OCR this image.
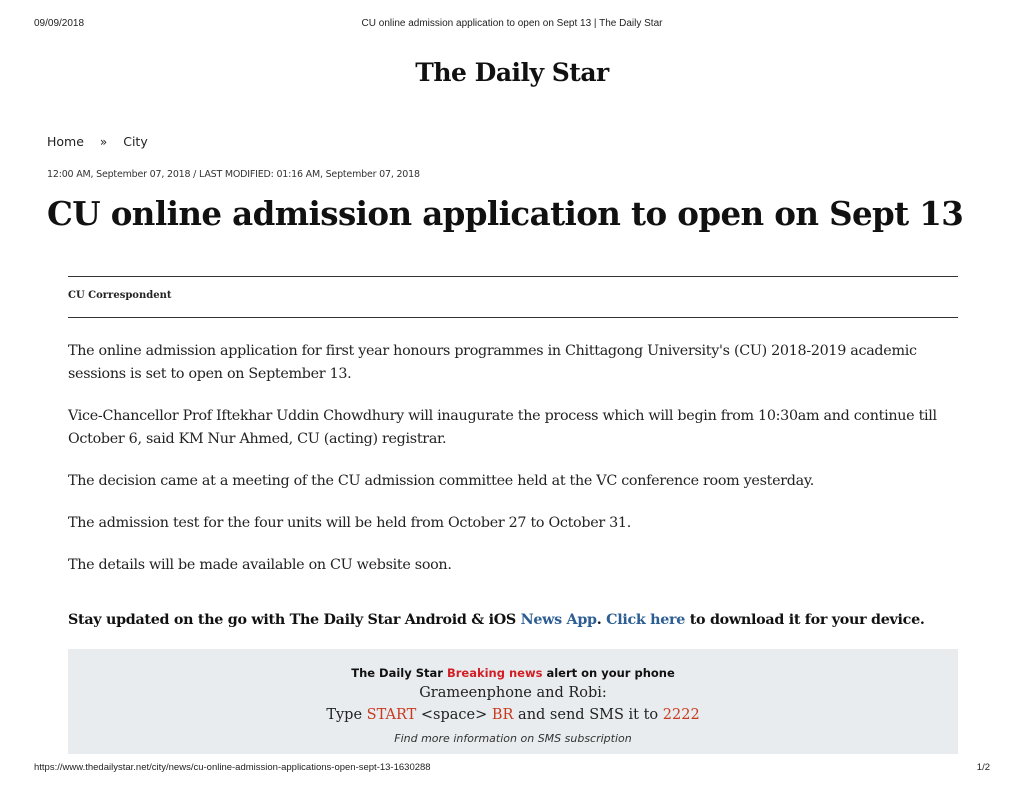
09/09/2018	CU online admission application to open on Sept 13 | The Daily Star
The Daily Star
Home » City
12:00 AM, September 07, 2018 / LAST MODIFIED: 01:16 AM, September 07, 2018
CU online admission application to open on Sept 13
CU Correspondent

The online admission application for first year honours programmes in Chittagong University's (CU) 2018-2019 academic sessions is set to open on September 13.

Vice-Chancellor Prof Iftekhar Uddin Chowdhury will inaugurate the process which will begin from 10:30am and continue till October 6, said KM Nur Ahmed, CU (acting) registrar.

The decision came at a meeting of the CU admission committee held at the VC conference room yesterday.

The admission test for the four units will be held from October 27 to October 31.

The details will be made available on CU website soon.

Stay updated on the go with The Daily Star Android & iOS News App. Click here to download it for your device.
The Daily Star Breaking news alert on your phone
Grameenphone and Robi:
Type START <space> BR and send SMS it to 2222
Find more information on SMS subscription
https://www.thedailystar.net/city/news/cu-online-admission-applications-open-sept-13-1630288	1/2
